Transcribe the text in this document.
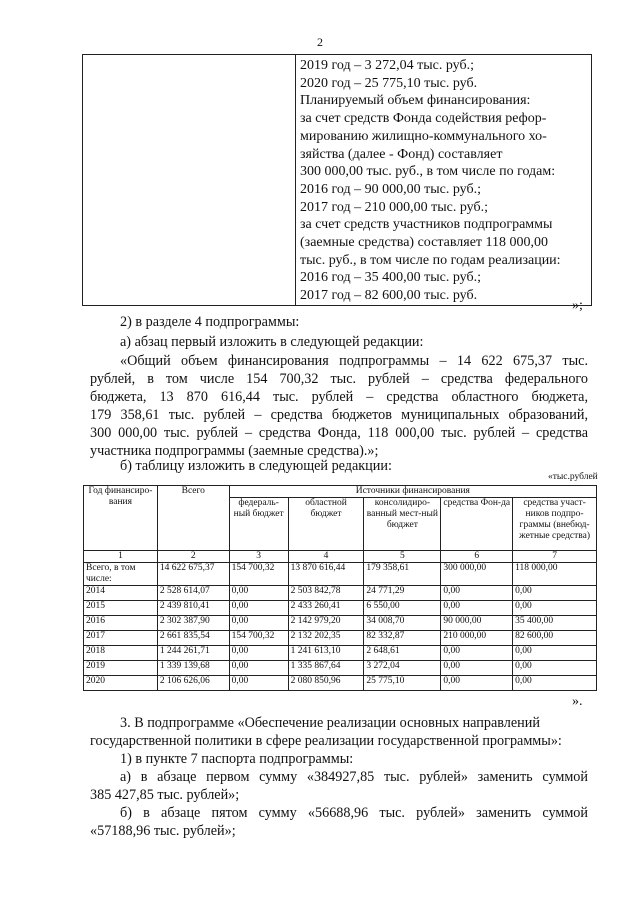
2

2019 год – 3 272,04 тыс. руб.;
2020 год – 25 775,10 тыс. руб.
Планируемый объем финансирования:
за счет средств Фонда содействия рефор-
мированию жилищно-коммунального хо-
зяйства (далее - Фонд) составляет
300 000,00 тыс. руб., в том числе по годам:
2016 год – 90 000,00 тыс. руб.;
2017 год – 210 000,00 тыс. руб.;
за счет средств участников подпрограммы
(заемные средства) составляет 118 000,00
тыс. руб., в том числе по годам реализации:
2016 год – 35 400,00 тыс. руб.;
2017 год – 82 600,00 тыс. руб.
»;
2) в разделе 4 подпрограммы:
а) абзац первый изложить в следующей редакции:
«Общий объем финансирования подпрограммы – 14 622 675,37 тыс.
рублей, в том числе 154 700,32 тыс. рублей – средства федерального
бюджета, 13 870 616,44 тыс. рублей – средства областного бюджета,
179 358,61 тыс. рублей – средства бюджетов муниципальных образований,
300 000,00 тыс. рублей – средства Фонда, 118 000,00 тыс. рублей – средства
участника подпрограммы (заемные средства).»;
б) таблицу изложить в следующей редакции:
«тыс.рублей
Год финансиро-вания	Всего	Источники финансирования				
		федераль-ный бюджет	областной бюджет	консолидиро-ванный мест-ный бюджет	средства Фон-да	средства участ-ников подпро-граммы (внебюд-жетные средства)
1	2	3	4	5	6	7
Всего, в том числе:	14 622 675,37	154 700,32	13 870 616,44	179 358,61	300 000,00	118 000,00
2014	2 528 614,07	0,00	2 503 842,78	24 771,29	0,00	0,00
2015	2 439 810,41	0,00	2 433 260,41	6 550,00	0,00	0,00
2016	2 302 387,90	0,00	2 142 979,20	34 008,70	90 000,00	35 400,00
2017	2 661 835,54	154 700,32	2 132 202,35	82 332,87	210 000,00	82 600,00
2018	1 244 261,71	0,00	1 241 613,10	2 648,61	0,00	0,00
2019	1 339 139,68	0,00	1 335 867,64	3 272,04	0,00	0,00
2020	2 106 626,06	0,00	2 080 850,96	25 775,10	0,00	0,00
».
3. В подпрограмме «Обеспечение реализации основных направлений
государственной политики в сфере реализации государственной программы»:
1) в пункте 7 паспорта подпрограммы:
а) в абзаце первом сумму «384927,85 тыс. рублей» заменить суммой
385 427,85 тыс. рублей»;
б) в абзаце пятом сумму «56688,96 тыс. рублей» заменить суммой
«57188,96 тыс. рублей»;
